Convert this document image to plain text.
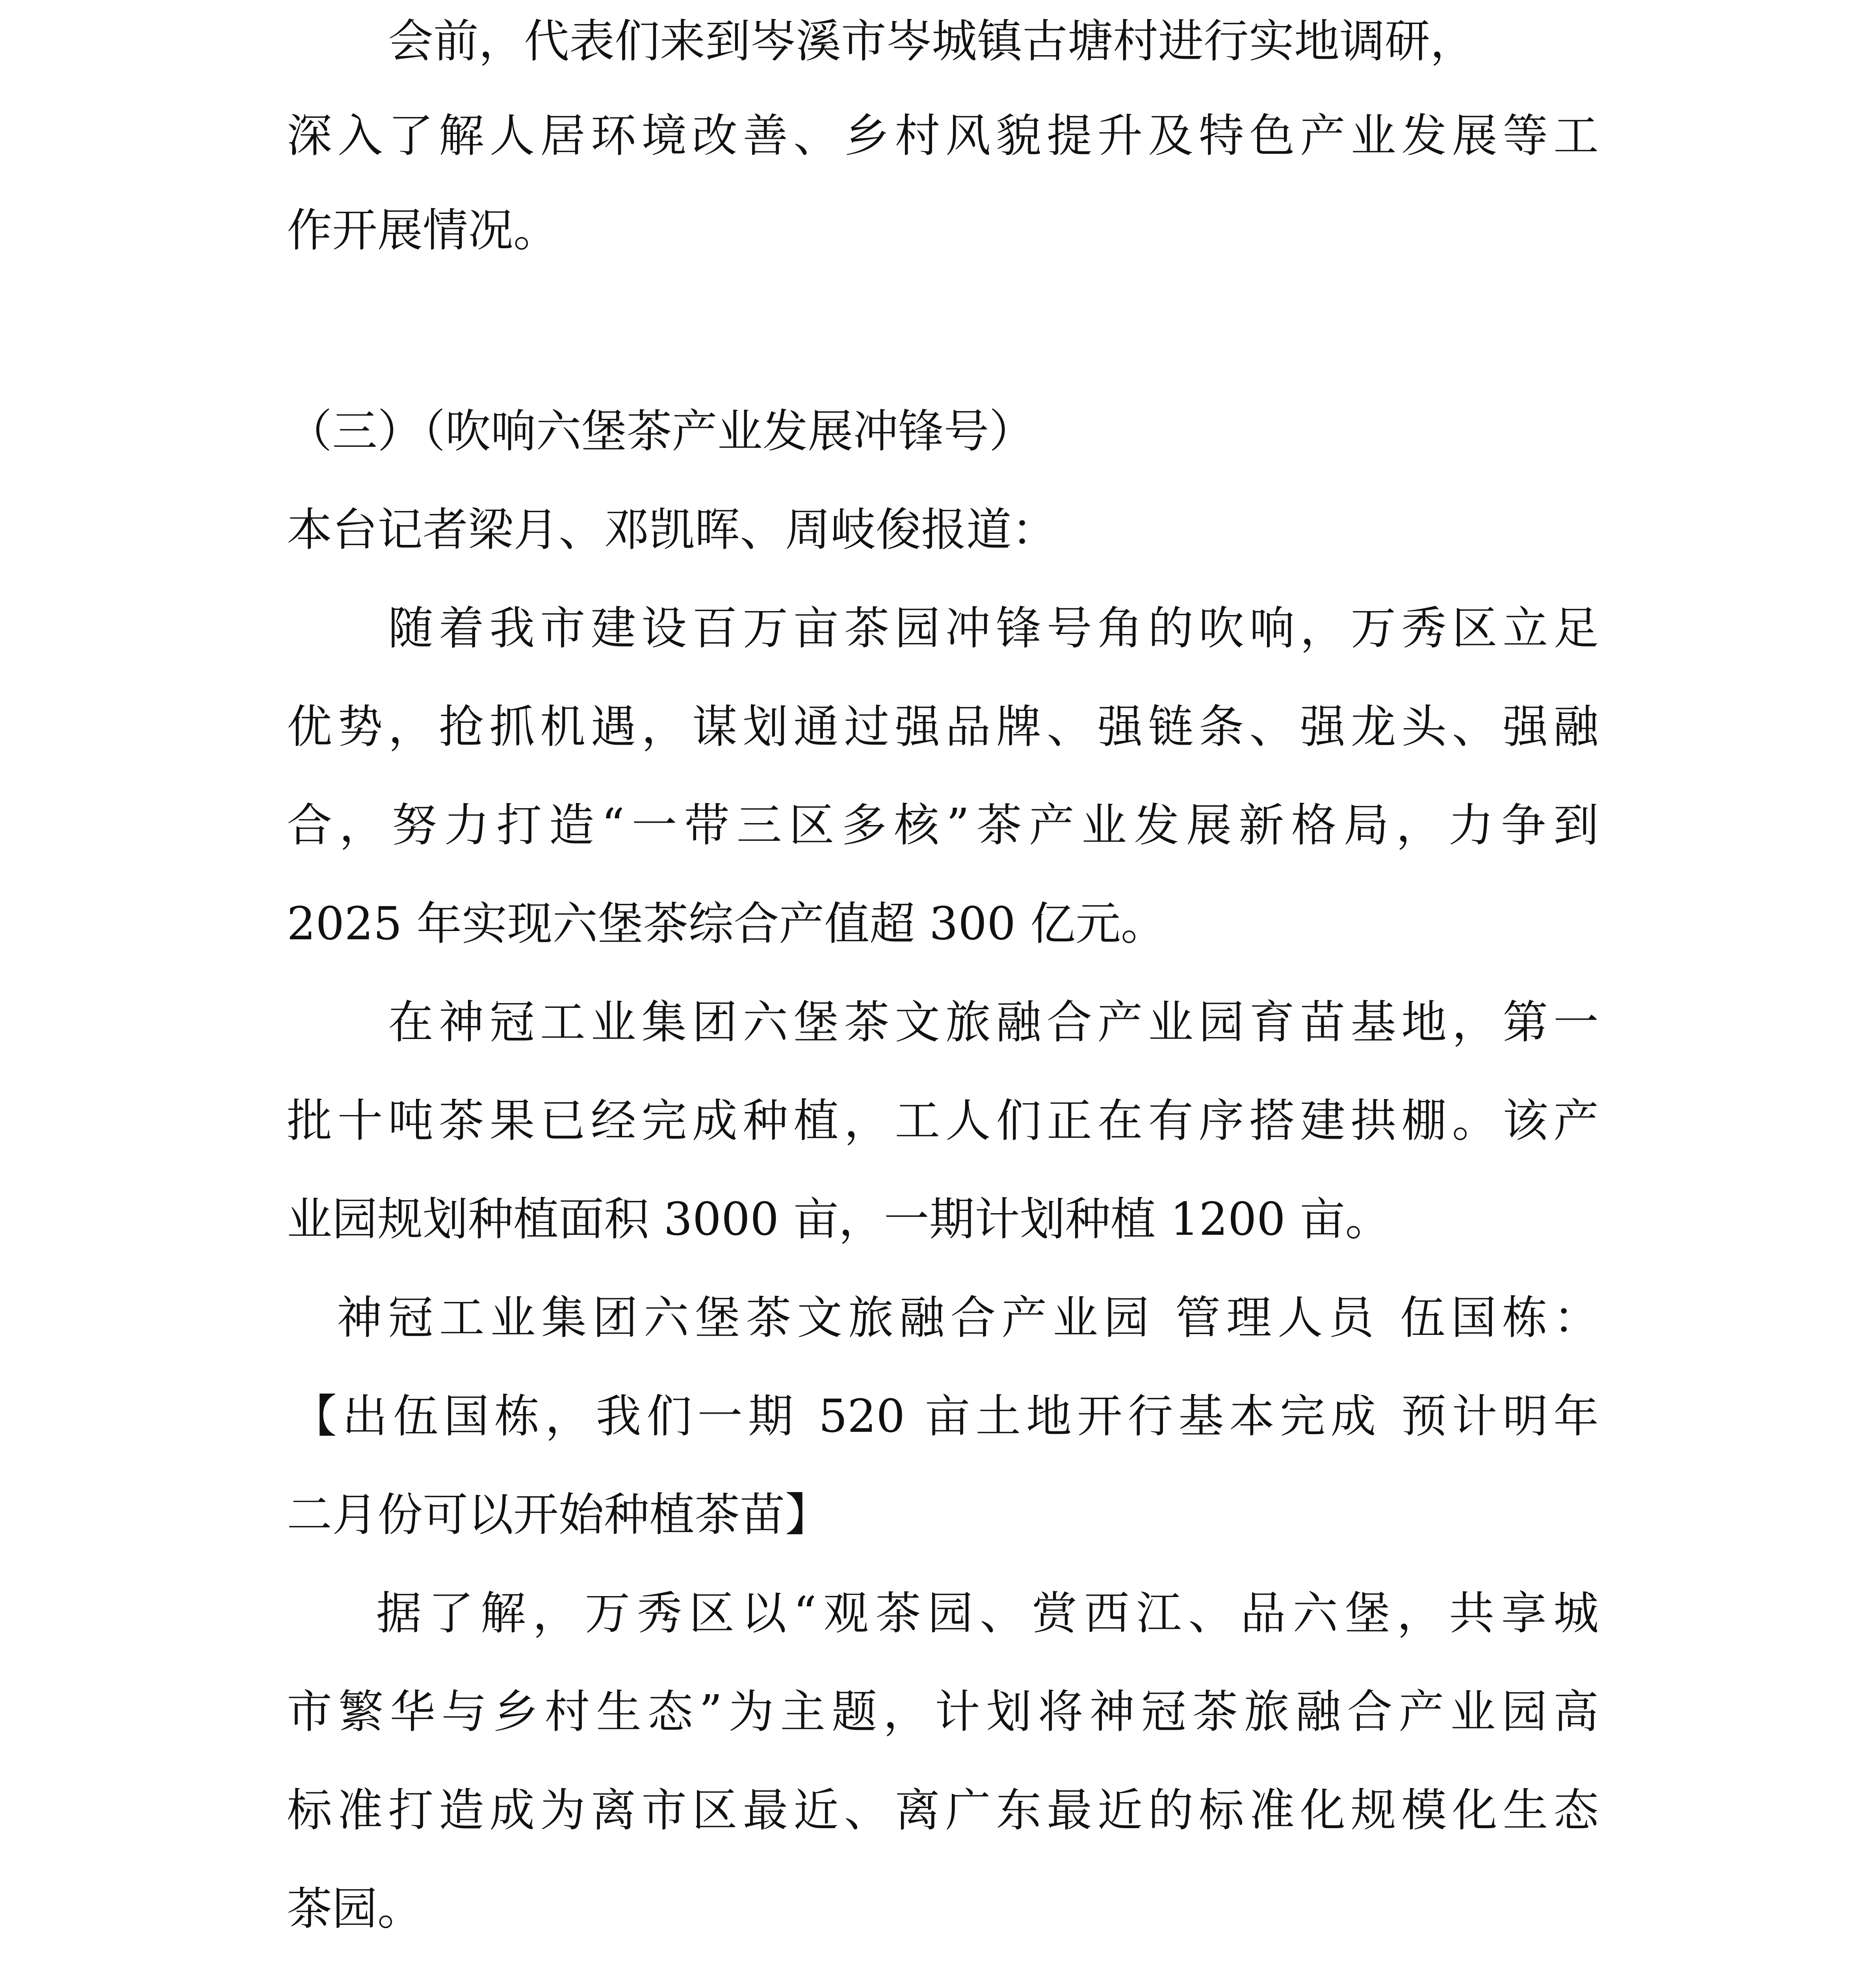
会前，代表们来到岑溪市岑城镇古塘村进行实地调研，
深入了解人居环境改善、乡村风貌提升及特色产业发展等工
作开展情况。
（三）（吹响六堡茶产业发展冲锋号）
本台记者梁月、邓凯晖、周岐俊报道：
随着我市建设百万亩茶园冲锋号角的吹响，万秀区立足
优势，抢抓机遇，谋划通过强品牌、强链条、强龙头、强融
合，努力打造“一带三区多核”茶产业发展新格局，力争到
2025 年实现六堡茶综合产值超 300 亿元。
在神冠工业集团六堡茶文旅融合产业园育苗基地，第一
批十吨茶果已经完成种植，工人们正在有序搭建拱棚。该产
业园规划种植面积 3000 亩，一期计划种植 1200 亩。
神冠工业集团六堡茶文旅融合产业园 管理人员 伍国栋：
【出伍国栋，我们一期 520 亩土地开行基本完成 预计明年
二月份可以开始种植茶苗】
据了解，万秀区以“观茶园、赏西江、品六堡，共享城
市繁华与乡村生态”为主题，计划将神冠茶旅融合产业园高
标准打造成为离市区最近、离广东最近的标准化规模化生态
茶园。
